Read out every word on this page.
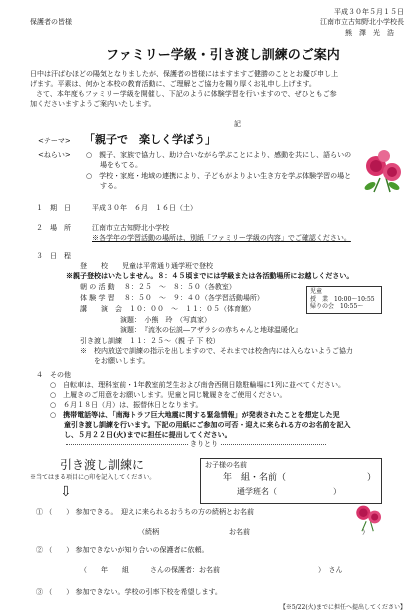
平成３０年５月１５日
保護者の皆様	江南市立古知野北小学校長
熊　澤　光　浩
ファミリー学級・引き渡し訓練のご案内
日中は汗ばむほどの陽気となりましたが、保護者の皆様にはますますご健勝のこととお慶び申し上
げます。平素は、何かと本校の教育活動に、ご理解とご協力を賜り厚くお礼申し上げます。
さて、本年度もファミリー学級を開催し、下記のように体験学習を行いますので、ぜひともご参
加くださいますようご案内いたします。
記
<テーマ> 「親子で　楽しく学ぼう」
<ねらい> ○　親子、家族で協力し、助け合いながら学ぶことにより、感動を共にし、語らいの
　　場をもてる。
○　学校・家庭・地域の連携により、子どもがよりよい生き方を学ぶ体験学習の場と
　　する。
１　期　日	平成３０年　６月　１６日（土）
２　場　所	江南市立古知野北小学校
※各学年の学習活動の場所は、別紙「ファミリー学級の内容」でご確認ください。
３　日　程
登　　校　　児童は平常通り通学班で登校
※親子登校はいたしません。８：４５頃までには学級または各活動場所にお越しください。
朝 の 活 動　 ８：２５　～　８：５０（各教室）
体 験 学 習　 ８：５０　～　９：４０（各学習活動場所）
講　　演　会　１０：００　～　１１：０５（体育館）
演題：　小熊　玲　（写真家）
演題：　『流氷の伝説―アザラシの赤ちゃんと地球温暖化』
引き渡し訓練　１１：２５～（親 子 下 校）
※　校内放送で訓練の指示を出しますので、それまでは校舎内には入らないようご協力
　　をお願いします。
児童
授　業　10:00～10:55
帰りの会　10:55～
４　その他
○　自転車は、理科室前・1年教室前芝生および南舎西側日陰駐輪場に1列に並べてください。
○　上履きのご用意をお願いします。児童と同じ靴履きをご使用ください。
○　６月１８日（月）は、振替休日となります。
○　携帯電話等は、「南海トラフ巨大地震に関する緊急情報」が発表されたことを想定した児
　　童引き渡し訓練を行います。下記の用紙にご参加の可否・迎えに来られる方のお名前を記入
　　し、５月２２日(火)までに担任に提出してください。
きりとり
引き渡し訓練に
※当てはまる項目に○印を記入してください。
⇩
お子様の名前
年　組・名前（　　　　　　　　　）
通学班名（　　　　　　　）
① （　　） 参加できる。　迎えに来られるおうちの方の続柄とお名前
（続柄　　　　　　　　　　お名前　　　　　　　　　　　　　　　　）
② （　　） 参加できないが知り合いの保護者に依頼。
（　　年　　組　　　さんの保護者：お名前　　　　　　　　　　　　　　）　さん
③ （　　） 参加できない。学校の引率下校を希望します。
【※5/22(火)までに担任へ提出してください】
